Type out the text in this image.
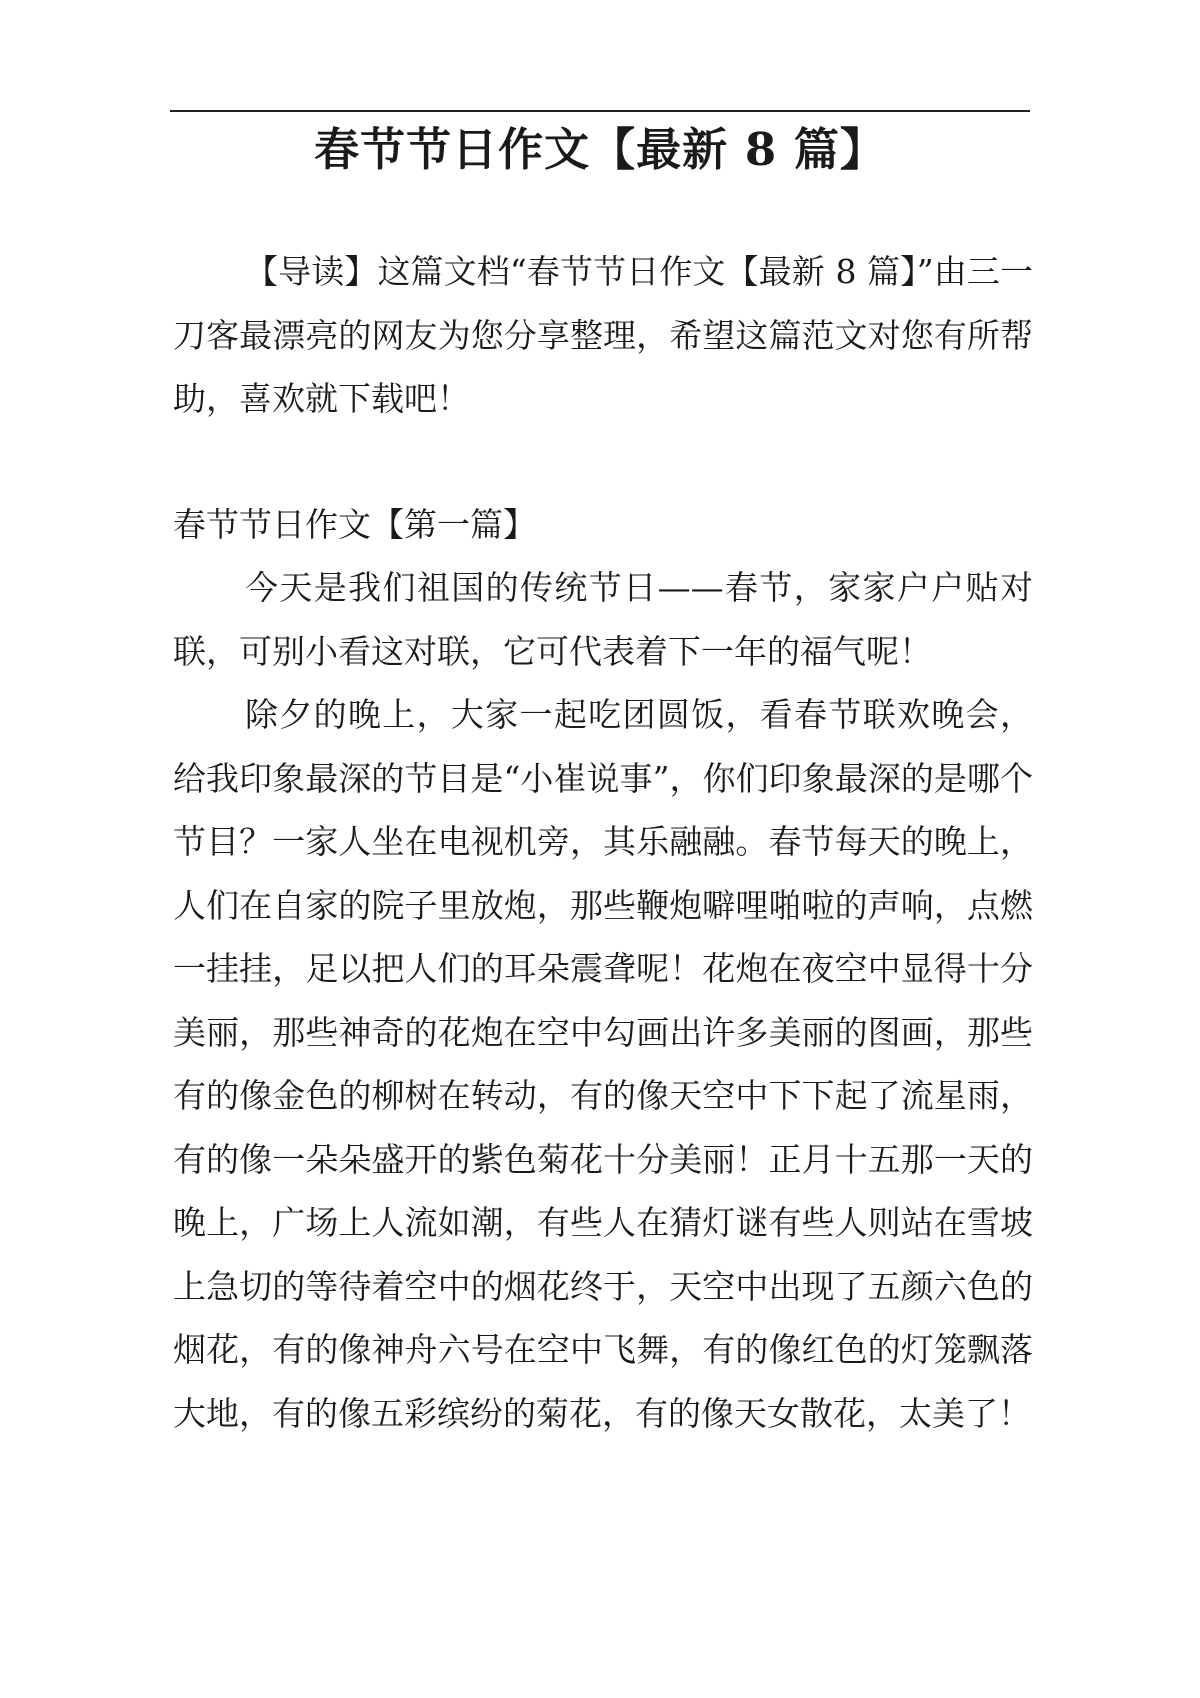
春节节日作文【最新 8 篇】

【导读】这篇文档“春节节日作文【最新 8 篇】”由三一刀客最漂亮的网友为您分享整理，希望这篇范文对您有所帮助，喜欢就下载吧！

春节节日作文【第一篇】

今天是我们祖国的传统节日——春节，家家户户贴对联，可别小看这对联，它可代表着下一年的福气呢！

除夕的晚上，大家一起吃团圆饭，看春节联欢晚会，给我印象最深的节目是“小崔说事”，你们印象最深的是哪个节目？一家人坐在电视机旁，其乐融融。春节每天的晚上，人们在自家的院子里放炮，那些鞭炮噼哩啪啦的声响，点燃一挂挂，足以把人们的耳朵震聋呢！花炮在夜空中显得十分美丽，那些神奇的花炮在空中勾画出许多美丽的图画，那些有的像金色的柳树在转动，有的像天空中下下起了流星雨，有的像一朵朵盛开的紫色菊花十分美丽！正月十五那一天的晚上，广场上人流如潮，有些人在猜灯谜有些人则站在雪坡上急切的等待着空中的烟花终于，天空中出现了五颜六色的烟花，有的像神舟六号在空中飞舞，有的像红色的灯笼飘落大地，有的像五彩缤纷的菊花，有的像天女散花，太美了！
